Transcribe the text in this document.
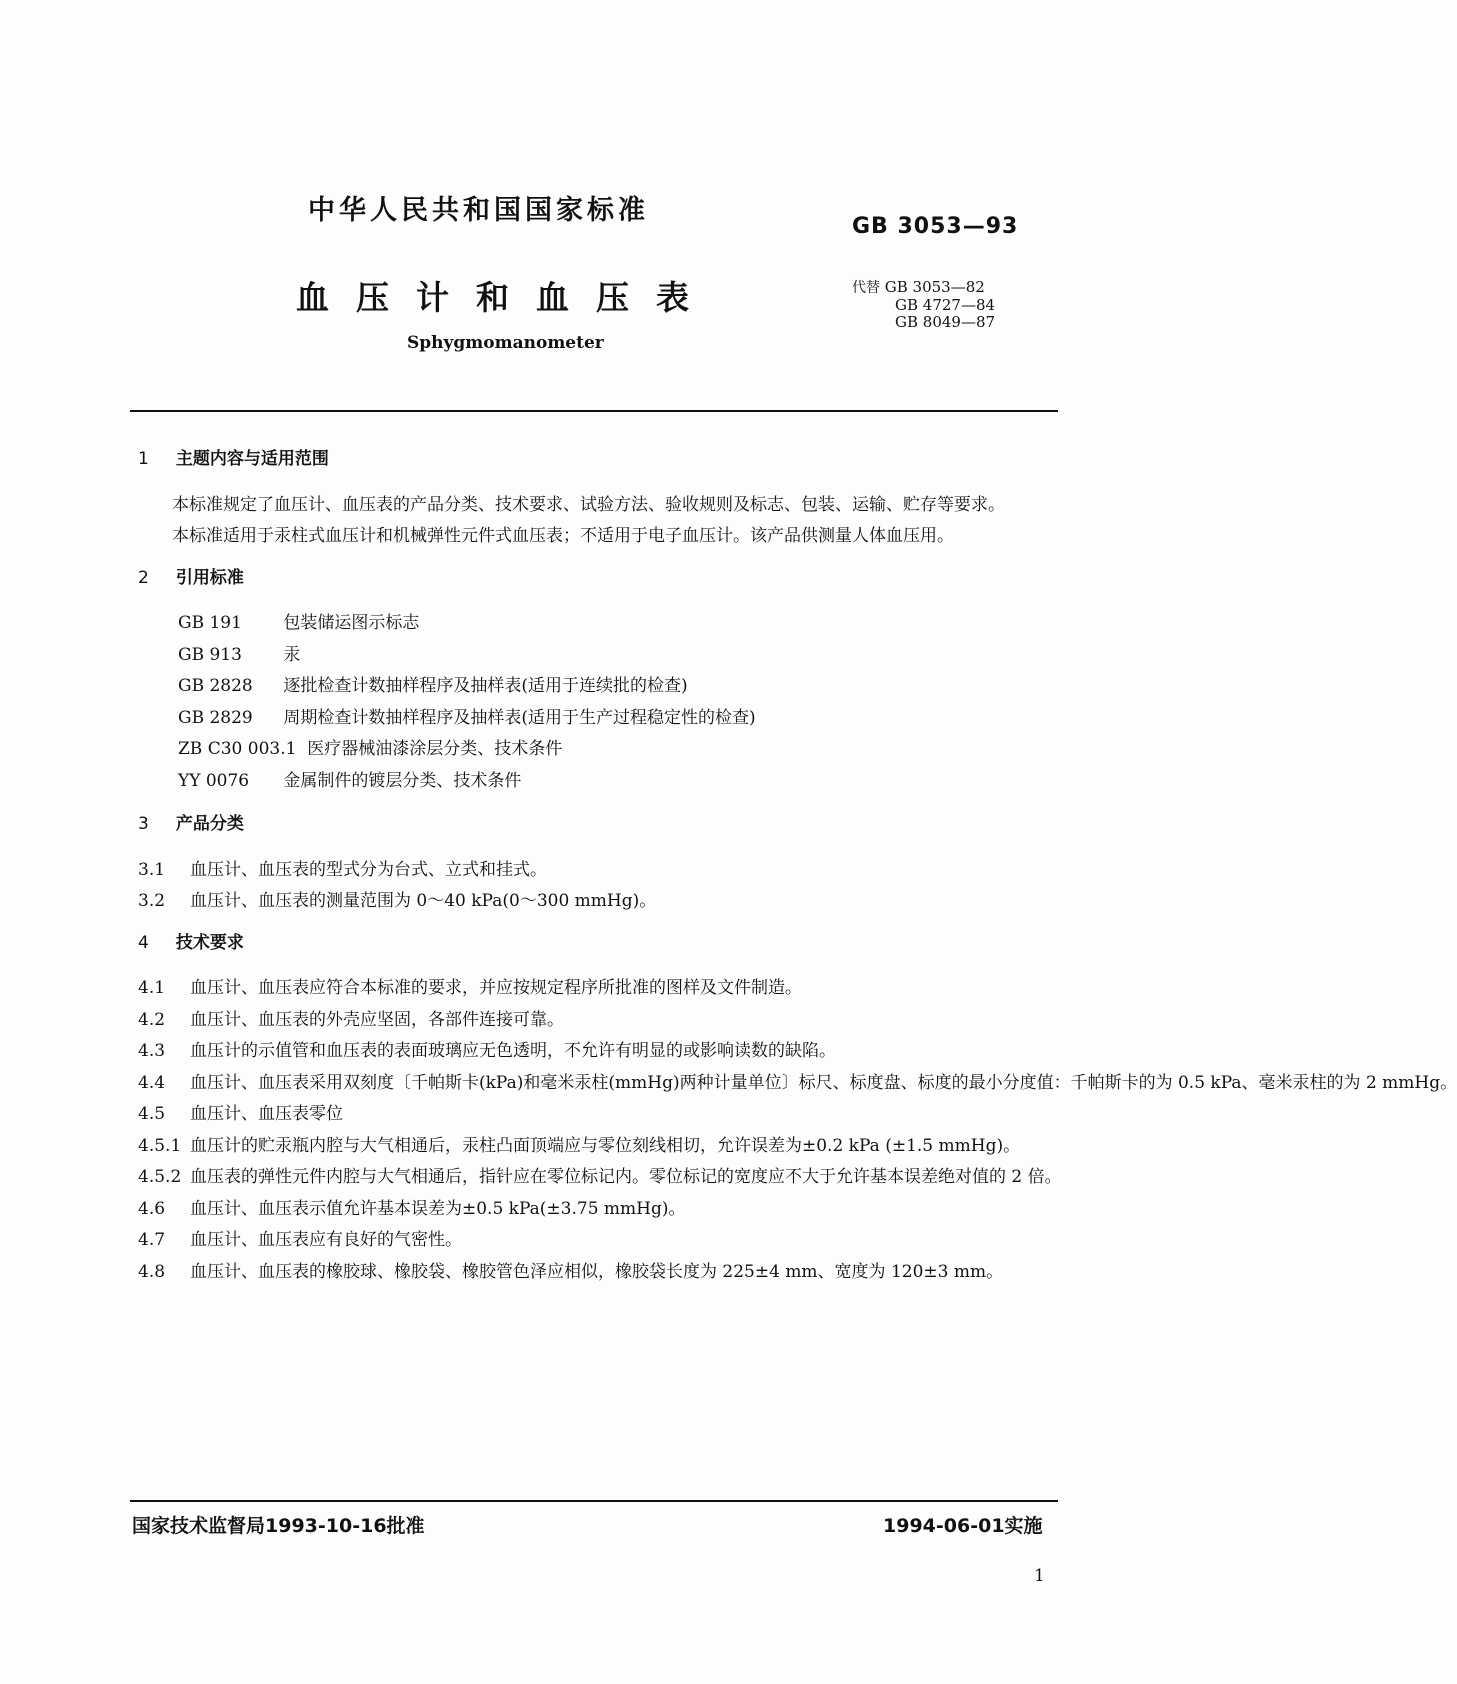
中华人民共和国国家标准
GB 3053—93
血压计和血压表
Sphygmomanometer
代替 GB 3053—82
GB 4727—84
GB 8049—87
1 主题内容与适用范围

本标准规定了血压计、血压表的产品分类、技术要求、试验方法、验收规则及标志、包装、运输、贮存等要求。

本标准适用于汞柱式血压计和机械弹性元件式血压表；不适用于电子血压计。该产品供测量人体血压用。

2 引用标准
GB 191 包装储运图示标志
GB 913 汞
GB 2828 逐批检查计数抽样程序及抽样表(适用于连续批的检查)
GB 2829 周期检查计数抽样程序及抽样表(适用于生产过程稳定性的检查)
ZB C30 003.1 医疗器械油漆涂层分类、技术条件
YY 0076 金属制件的镀层分类、技术条件
3 产品分类

3.1 血压计、血压表的型式分为台式、立式和挂式。

3.2 血压计、血压表的测量范围为 0～40 kPa(0～300 mmHg)。

4 技术要求

4.1 血压计、血压表应符合本标准的要求，并应按规定程序所批准的图样及文件制造。

4.2 血压计、血压表的外壳应坚固，各部件连接可靠。

4.3 血压计的示值管和血压表的表面玻璃应无色透明，不允许有明显的或影响读数的缺陷。

4.4 血压计、血压表采用双刻度〔千帕斯卡(kPa)和毫米汞柱(mmHg)两种计量单位〕标尺、标度盘、标度的最小分度值：千帕斯卡的为 0.5 kPa、毫米汞柱的为 2 mmHg。

4.5 血压计、血压表零位

4.5.1 血压计的贮汞瓶内腔与大气相通后，汞柱凸面顶端应与零位刻线相切，允许误差为±0.2 kPa (±1.5 mmHg)。

4.5.2 血压表的弹性元件内腔与大气相通后，指针应在零位标记内。零位标记的宽度应不大于允许基本误差绝对值的 2 倍。

4.6 血压计、血压表示值允许基本误差为±0.5 kPa(±3.75 mmHg)。

4.7 血压计、血压表应有良好的气密性。

4.8 血压计、血压表的橡胶球、橡胶袋、橡胶管色泽应相似，橡胶袋长度为 225±4 mm、宽度为 120±3 mm。

国家技术监督局1993-10-16批准	1994-06-01实施
1
